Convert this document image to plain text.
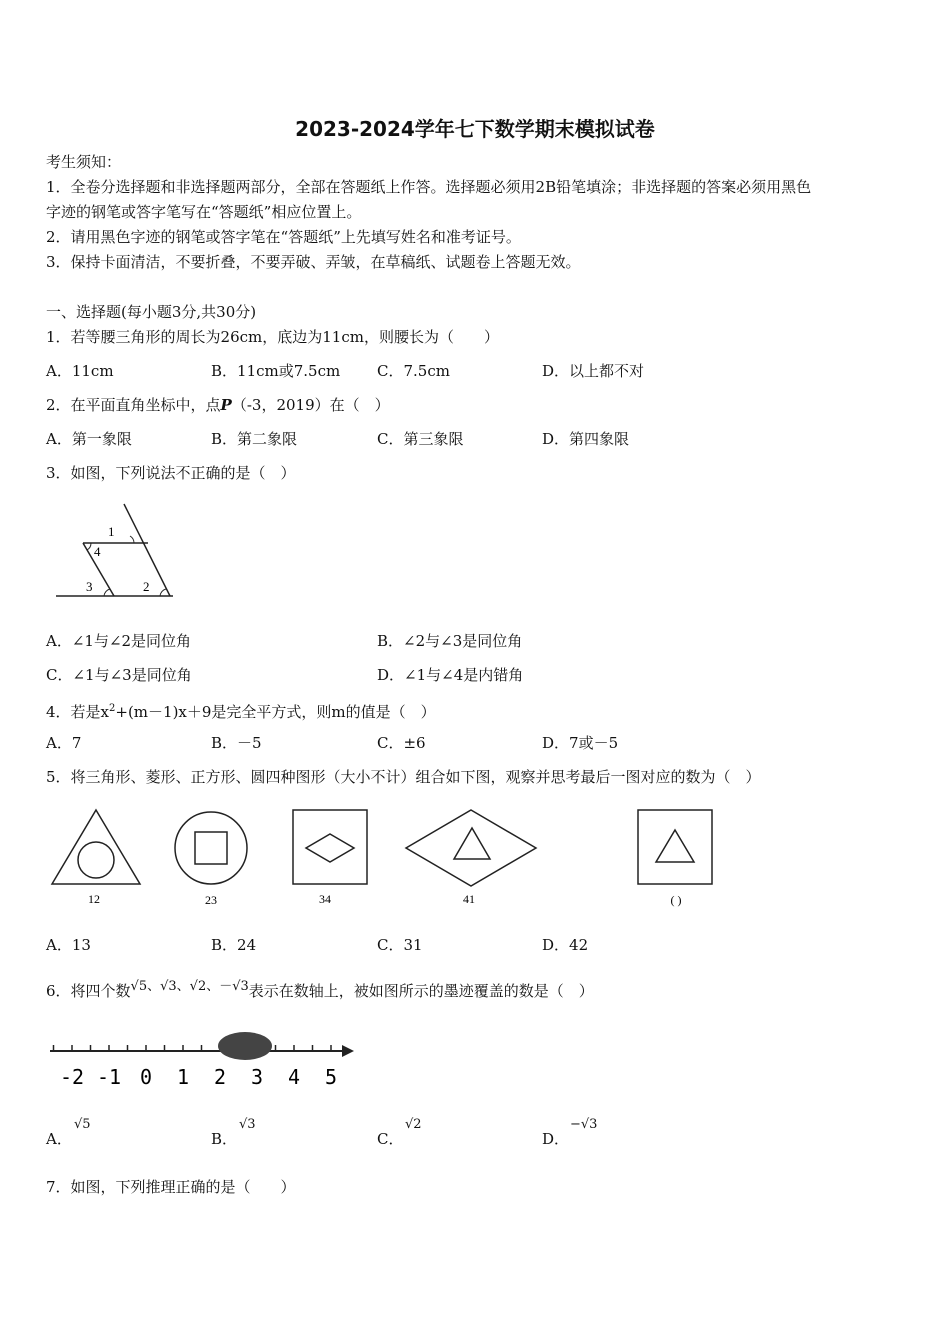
2023-2024学年七下数学期末模拟试卷
考生须知：
1．全卷分选择题和非选择题两部分，全部在答题纸上作答。选择题必须用2B铅笔填涂；非选择题的答案必须用黑色
字迹的钢笔或答字笔写在“答题纸”相应位置上。
2．请用黑色字迹的钢笔或答字笔在“答题纸”上先填写姓名和准考证号。
3．保持卡面清洁，不要折叠，不要弄破、弄皱，在草稿纸、试题卷上答题无效。
一、选择题(每小题3分,共30分)
1．若等腰三角形的周长为26cm，底边为11cm，则腰长为（　　）
A．11cm	B．11cm或7.5cm C．7.5cm	D．以上都不对
2．在平面直角坐标中，点P（-3，2019）在（　）
A．第一象限	B．第二象限	C．第三象限	D．第四象限
3．如图，下列说法不正确的是（　）
1
4
3	2
A．∠1与∠2是同位角	B．∠2与∠3是同位角
C．∠1与∠3是同位角	D．∠1与∠4是内错角
4．若是$x^2+(m-1)x+9$是完全平方式，则m的值是（　）
A．7	B．－5	C．±6	D．7或－5
5．将三角形、菱形、正方形、圆四种图形（大小不计）组合如下图，观察并思考最后一图对应的数为（　）
12	23	34	41	( )
A．13	B．24	C．31	D．42
6．将四个数√5、√3、√2、－√3表示在数轴上，被如图所示的墨迹覆盖的数是（　）
-2 -1 0 1 2 3 4 5
A．
√5
B．
√3
C．
√2
D．
−√3
7．如图，下列推理正确的是（　　）
